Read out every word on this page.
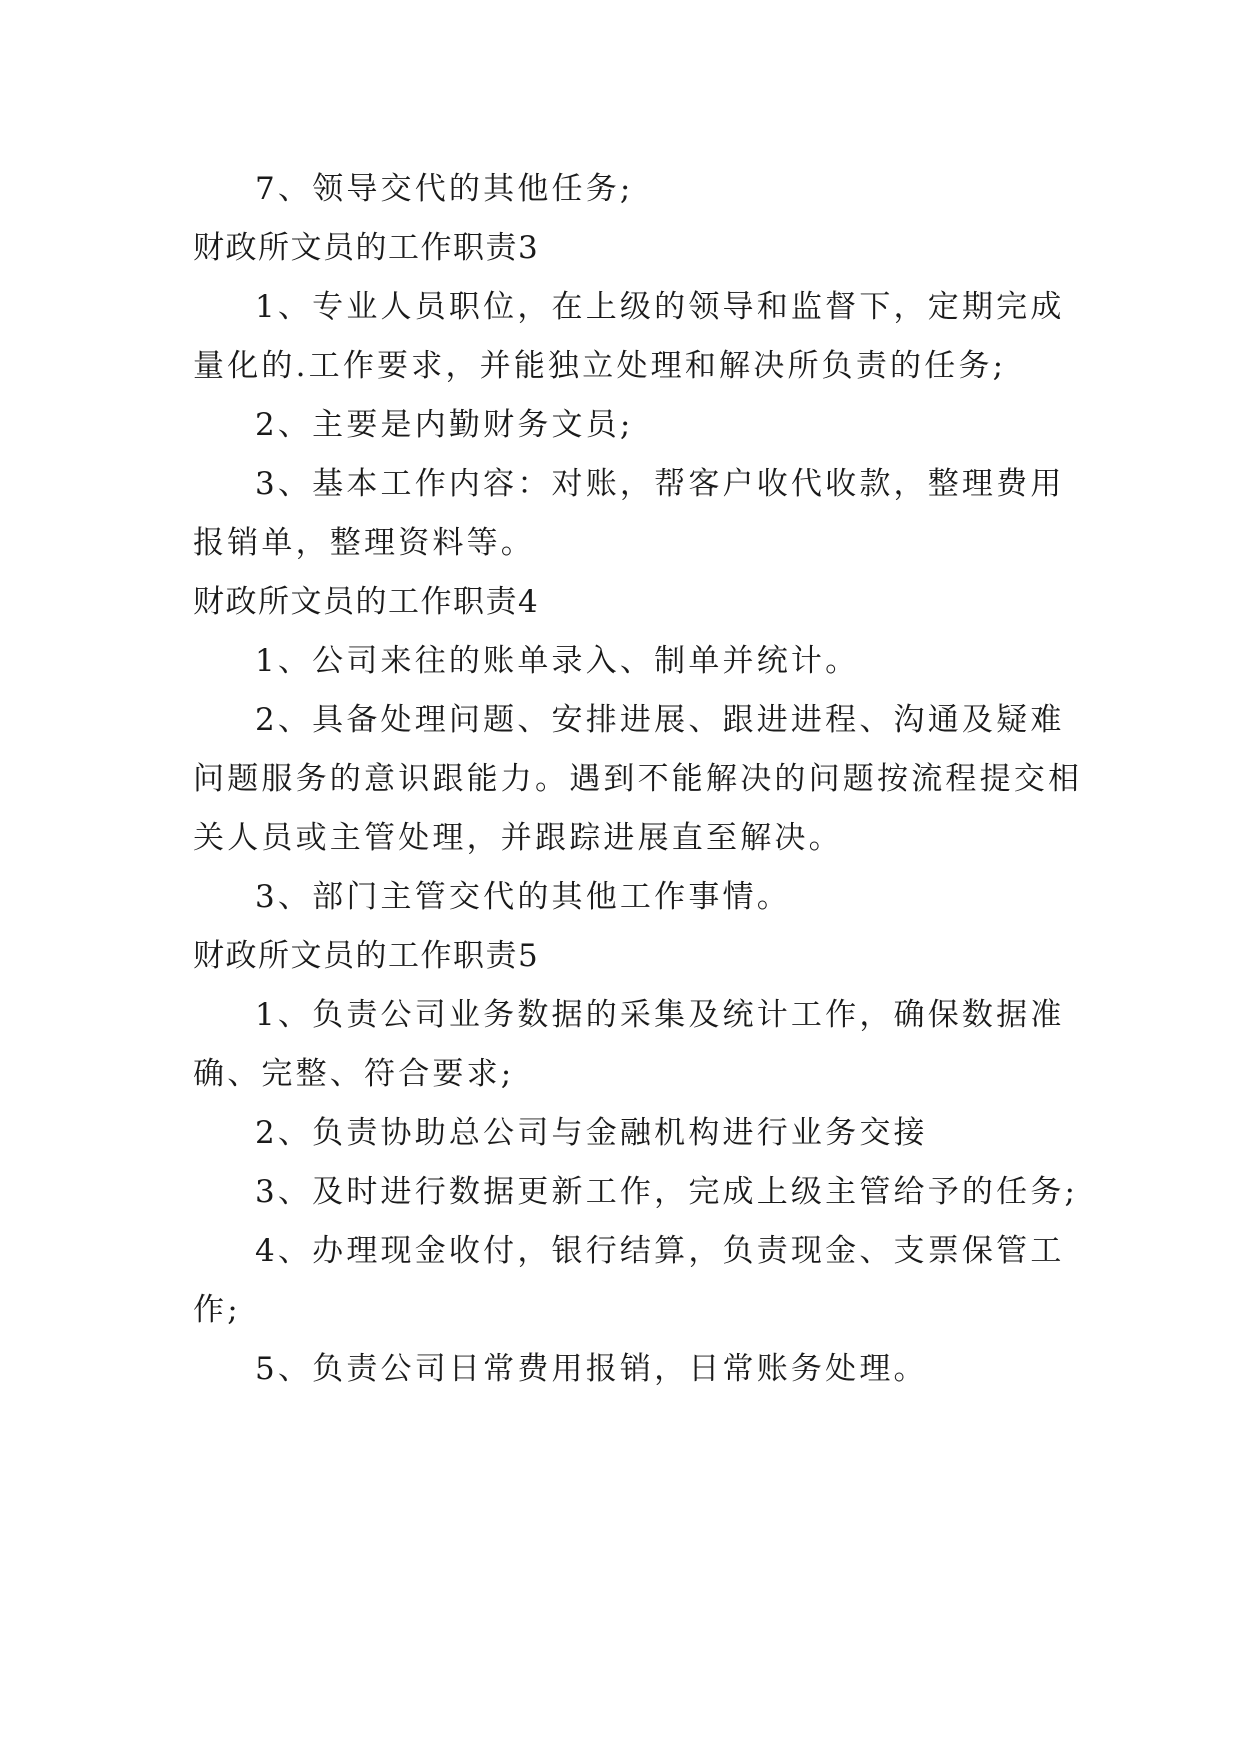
7、领导交代的其他任务;
财政所文员的工作职责3
1、专业人员职位，在上级的领导和监督下，定期完成
量化的.工作要求，并能独立处理和解决所负责的任务;
2、主要是内勤财务文员;
3、基本工作内容：对账，帮客户收代收款，整理费用
报销单，整理资料等。
财政所文员的工作职责4
1、公司来往的账单录入、制单并统计。
2、具备处理问题、安排进展、跟进进程、沟通及疑难
问题服务的意识跟能力。遇到不能解决的问题按流程提交相
关人员或主管处理，并跟踪进展直至解决。
3、部门主管交代的其他工作事情。
财政所文员的工作职责5
1、负责公司业务数据的采集及统计工作，确保数据准
确、完整、符合要求;
2、负责协助总公司与金融机构进行业务交接
3、及时进行数据更新工作，完成上级主管给予的任务;
4、办理现金收付，银行结算，负责现金、支票保管工
作;
5、负责公司日常费用报销，日常账务处理。
